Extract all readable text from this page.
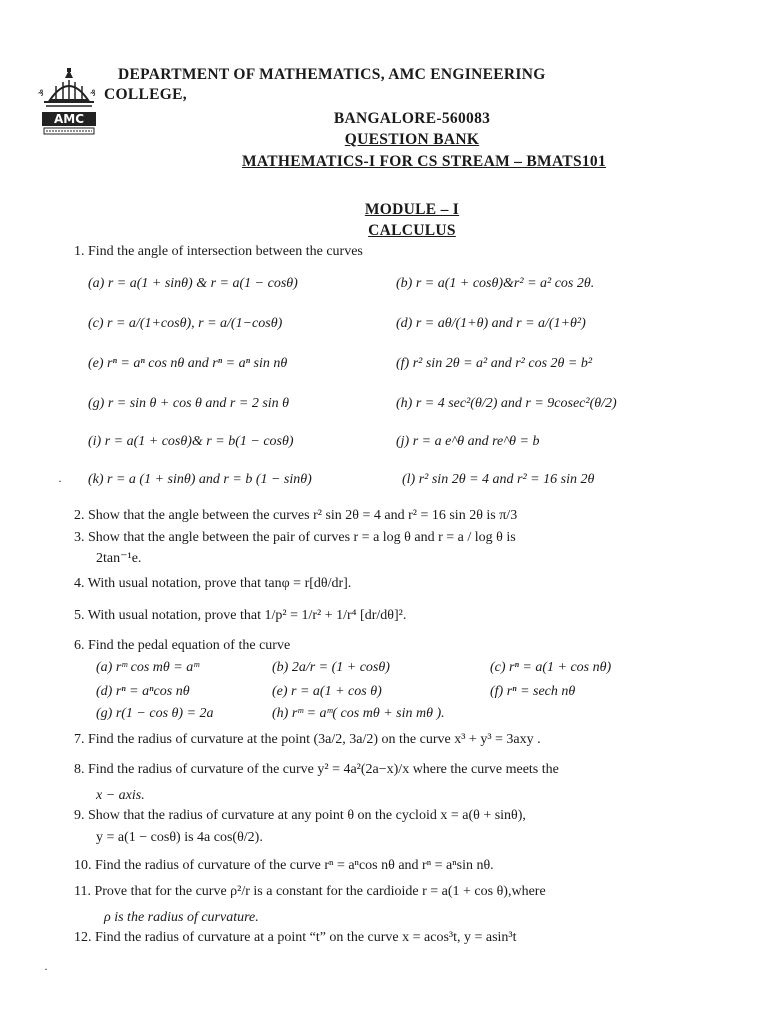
₰	₰
AMC
DEPARTMENT OF MATHEMATICS, AMC ENGINEERING
COLLEGE,
BANGALORE-560083
QUESTION BANK
MATHEMATICS-I FOR CS STREAM – BMATS101
MODULE – I
CALCULUS
1. Find the angle of intersection between the curves
(a) r = a(1 + sinθ) & r = a(1 − cosθ)	(b) r = a(1 + cosθ)&r² = a² cos 2θ.
(c) r = a/(1+cosθ), r = a/(1−cosθ)	(d) r = aθ/(1+θ) and r = a/(1+θ²)
(e) rⁿ = aⁿ cos nθ and rⁿ = aⁿ sin nθ	(f) r² sin 2θ = a² and r² cos 2θ = b²
(g) r = sin θ + cos θ and r = 2 sin θ	(h) r = 4 sec²(θ/2) and r = 9cosec²(θ/2)
(i) r = a(1 + cosθ)& r = b(1 − cosθ)	(j) r = a e^θ and re^θ = b
· (k) r = a (1 + sinθ) and r = b (1 − sinθ)	(l) r² sin 2θ = 4 and r² = 16 sin 2θ
2. Show that the angle between the curves r² sin 2θ = 4 and r² = 16 sin 2θ is π/3
3. Show that the angle between the pair of curves r = a log θ and r = a / log θ is
2tan⁻¹e.
4. With usual notation, prove that tanφ = r[dθ/dr].
5. With usual notation, prove that 1/p² = 1/r² + 1/r⁴ [dr/dθ]².
6. Find the pedal equation of the curve
(a) rᵐ cos mθ = aᵐ	(b) 2a/r = (1 + cosθ)	(c) rⁿ = a(1 + cos nθ)
(d) rⁿ = aⁿcos nθ	(e) r = a(1 + cos θ)	(f) rⁿ = sech nθ
(g) r(1 − cos θ) = 2a	(h) rᵐ = aᵐ( cos mθ + sin mθ ).
7. Find the radius of curvature at the point (3a/2, 3a/2) on the curve x³ + y³ = 3axy .
8. Find the radius of curvature of the curve y² = 4a²(2a−x)/x where the curve meets the
x − axis.
9. Show that the radius of curvature at any point θ on the cycloid x = a(θ + sinθ),
y = a(1 − cosθ) is 4a cos(θ/2).
10. Find the radius of curvature of the curve rⁿ = aⁿcos nθ and rⁿ = aⁿsin nθ.
11. Prove that for the curve ρ²/r is a constant for the cardioide r = a(1 + cos θ),where
ρ is the radius of curvature.
12. Find the radius of curvature at a point “t” on the curve x = acos³t, y = asin³t
·
